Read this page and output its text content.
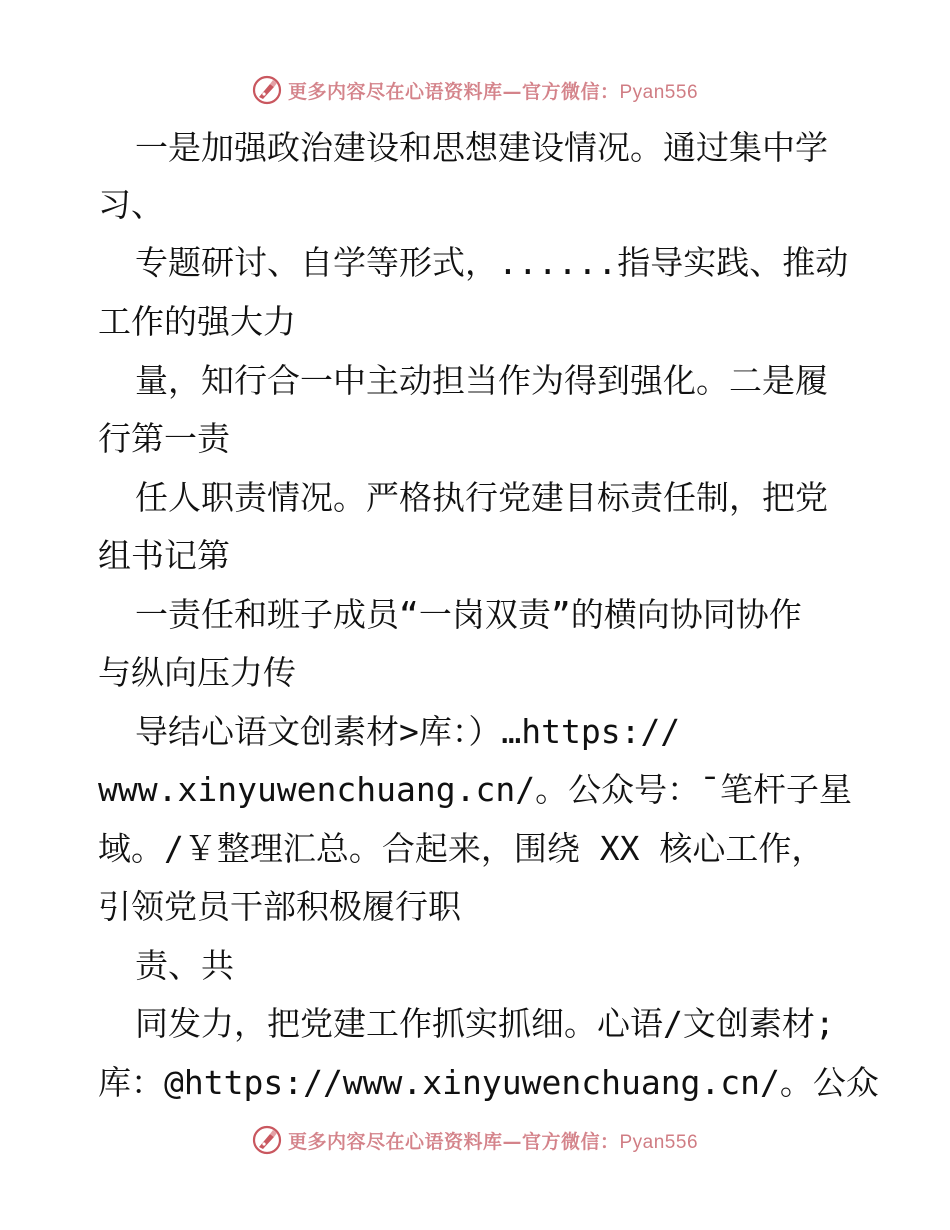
更多内容尽在心语资料库—官方微信：Pyan556
一是加强政治建设和思想建设情况。通过集中学
习、
专题研讨、自学等形式，......指导实践、推动
工作的强大力
量，知行合一中主动担当作为得到强化。二是履
行第一责
任人职责情况。严格执行党建目标责任制，把党
组书记第
一责任和班子成员“一岗双责”的横向协同协作
与纵向压力传
导结心语文创素材>库：）…https://
www.xinyuwenchuang.cn/。公众号：¯笔杆子星
域。/￥整理汇总。合起来，围绕 XX 核心工作，
引领党员干部积极履行职
责、共
同发力，把党建工作抓实抓细。心语/文创素材;
库：@https://www.xinyuwenchuang.cn/。公众
更多内容尽在心语资料库—官方微信：Pyan556
